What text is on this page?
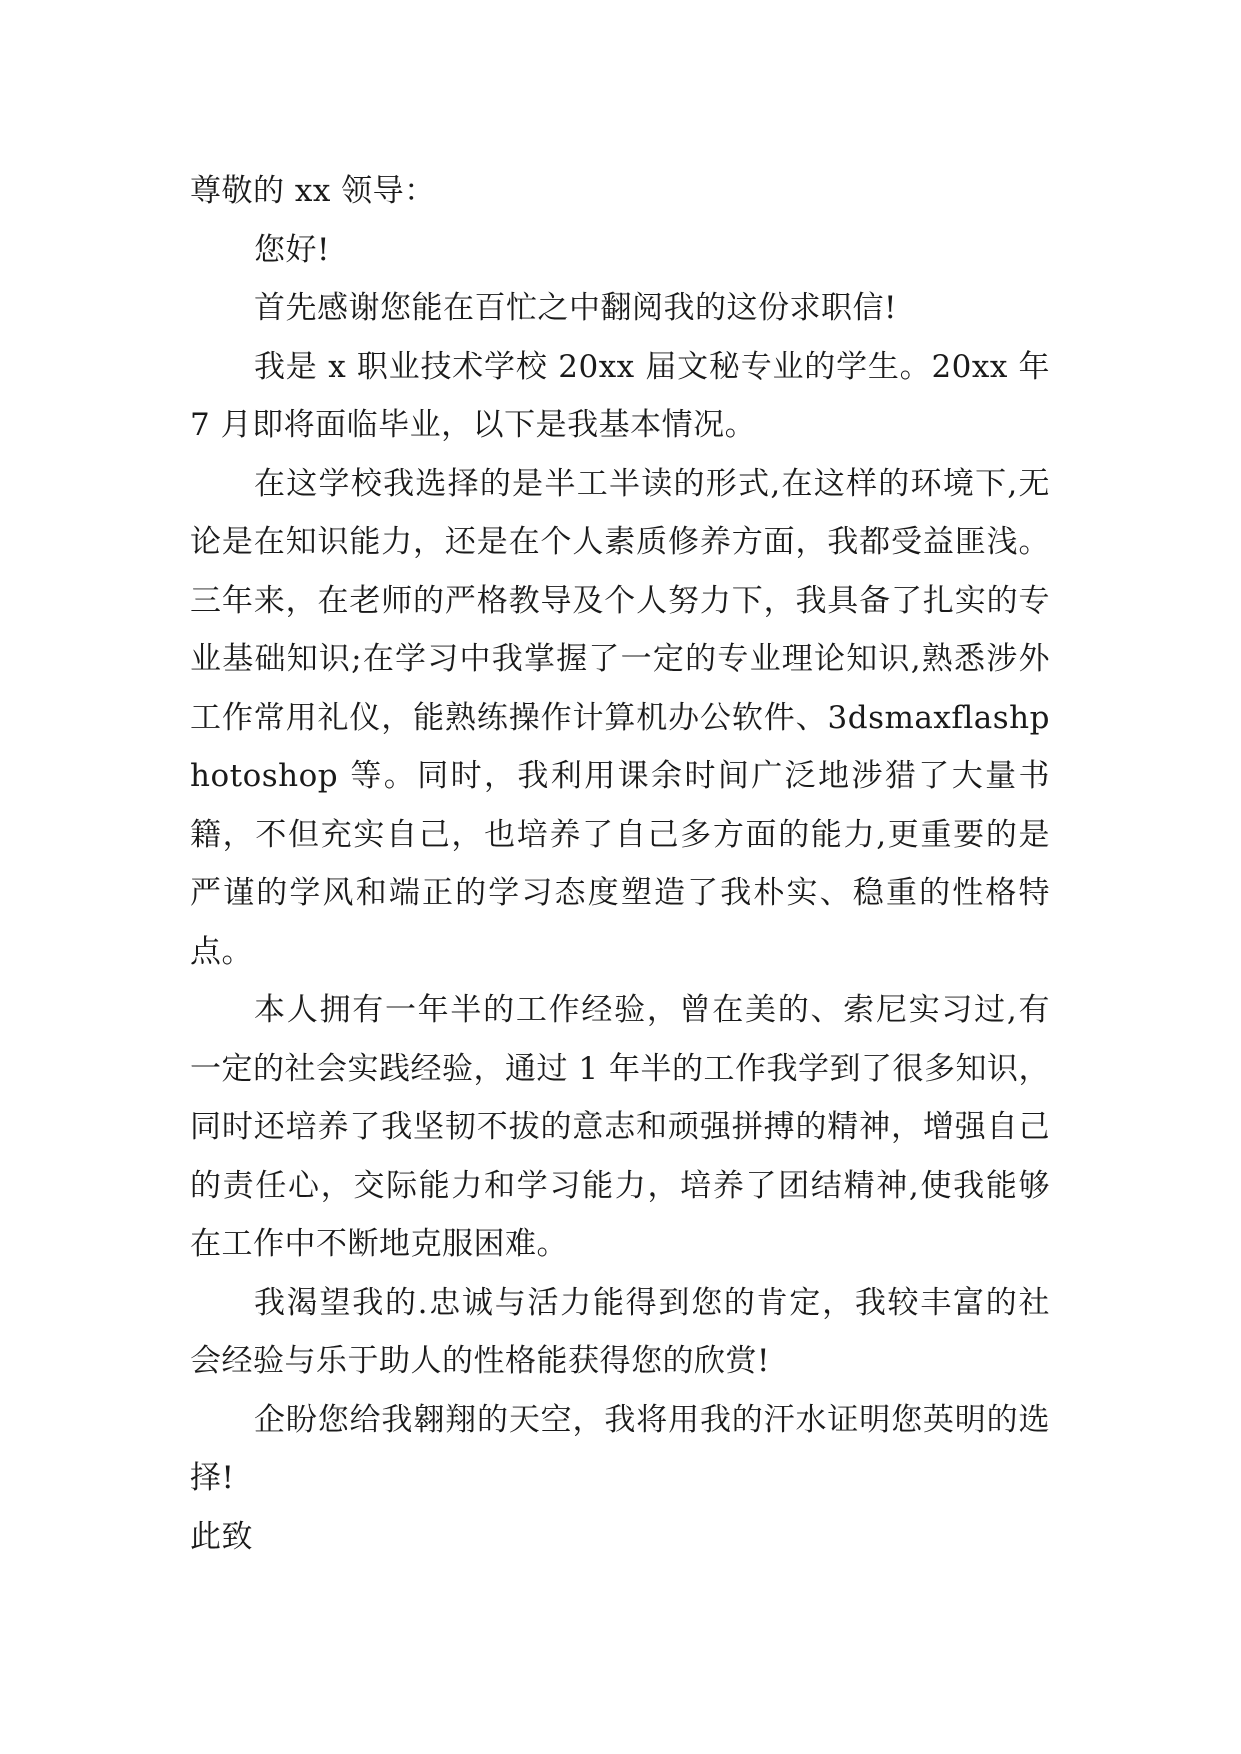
尊敬的 xx 领导：

您好!

首先感谢您能在百忙之中翻阅我的这份求职信!

我是 x 职业技术学校 20xx 届文秘专业的学生。20xx 年 7 月即将面临毕业，以下是我基本情况。

在这学校我选择的是半工半读的形式,在这样的环境下,无论是在知识能力，还是在个人素质修养方面，我都受益匪浅。三年来，在老师的严格教导及个人努力下，我具备了扎实的专业基础知识;在学习中我掌握了一定的专业理论知识,熟悉涉外工作常用礼仪，能熟练操作计算机办公软件、3dsmaxflashphotoshop 等。同时，我利用课余时间广泛地涉猎了大量书籍，不但充实自己，也培养了自己多方面的能力,更重要的是严谨的学风和端正的学习态度塑造了我朴实、稳重的性格特点。

本人拥有一年半的工作经验，曾在美的、索尼实习过,有一定的社会实践经验，通过 1 年半的工作我学到了很多知识，同时还培养了我坚韧不拔的意志和顽强拼搏的精神，增强自己的责任心，交际能力和学习能力，培养了团结精神,使我能够在工作中不断地克服困难。

我渴望我的.忠诚与活力能得到您的肯定，我较丰富的社会经验与乐于助人的性格能获得您的欣赏!

企盼您给我翱翔的天空，我将用我的汗水证明您英明的选择!

此致
